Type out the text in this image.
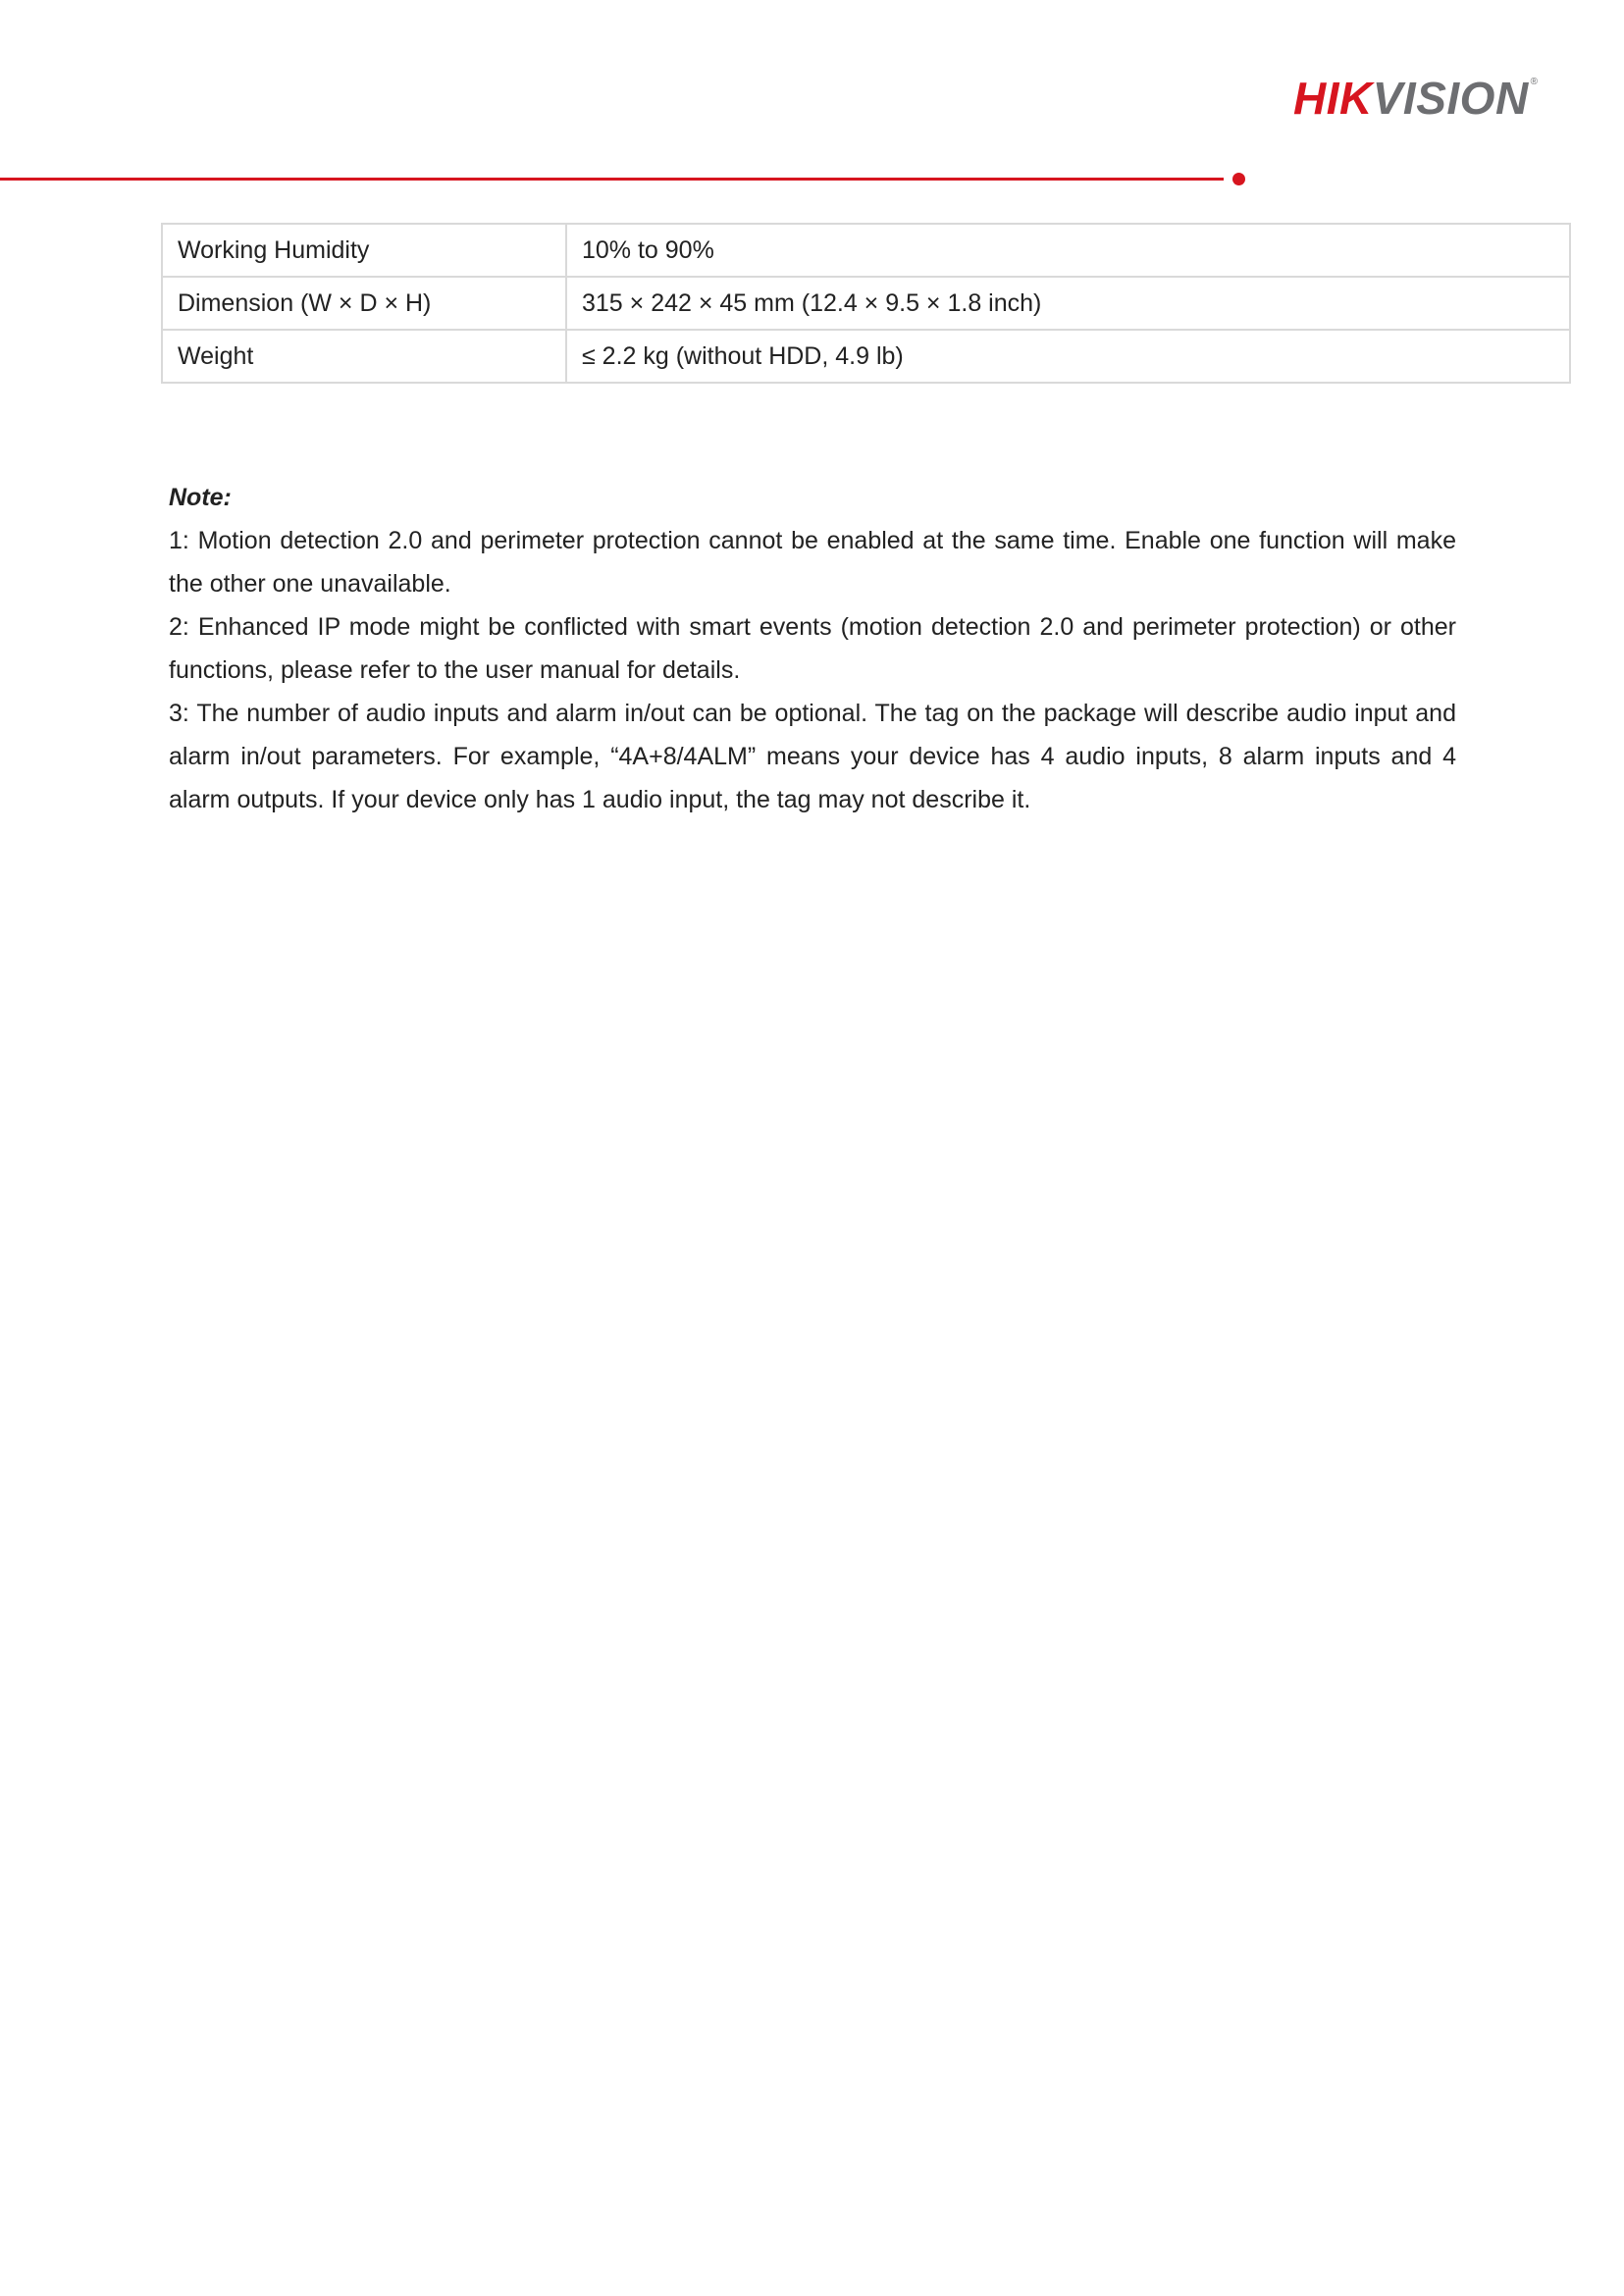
HIK VISION ®
Working Humidity	10% to 90%
Dimension (W × D × H)	315 × 242 × 45 mm (12.4 × 9.5 × 1.8 inch)
Weight	≤ 2.2 kg (without HDD, 4.9 lb)

Note:

1: Motion detection 2.0 and perimeter protection cannot be enabled at the same time. Enable one function will make the other one unavailable.

2: Enhanced IP mode might be conflicted with smart events (motion detection 2.0 and perimeter protection) or other functions, please refer to the user manual for details.

3: The number of audio inputs and alarm in/out can be optional. The tag on the package will describe audio input and alarm in/out parameters. For example, “4A+8/4ALM” means your device has 4 audio inputs, 8 alarm inputs and 4 alarm outputs. If your device only has 1 audio input, the tag may not describe it.
